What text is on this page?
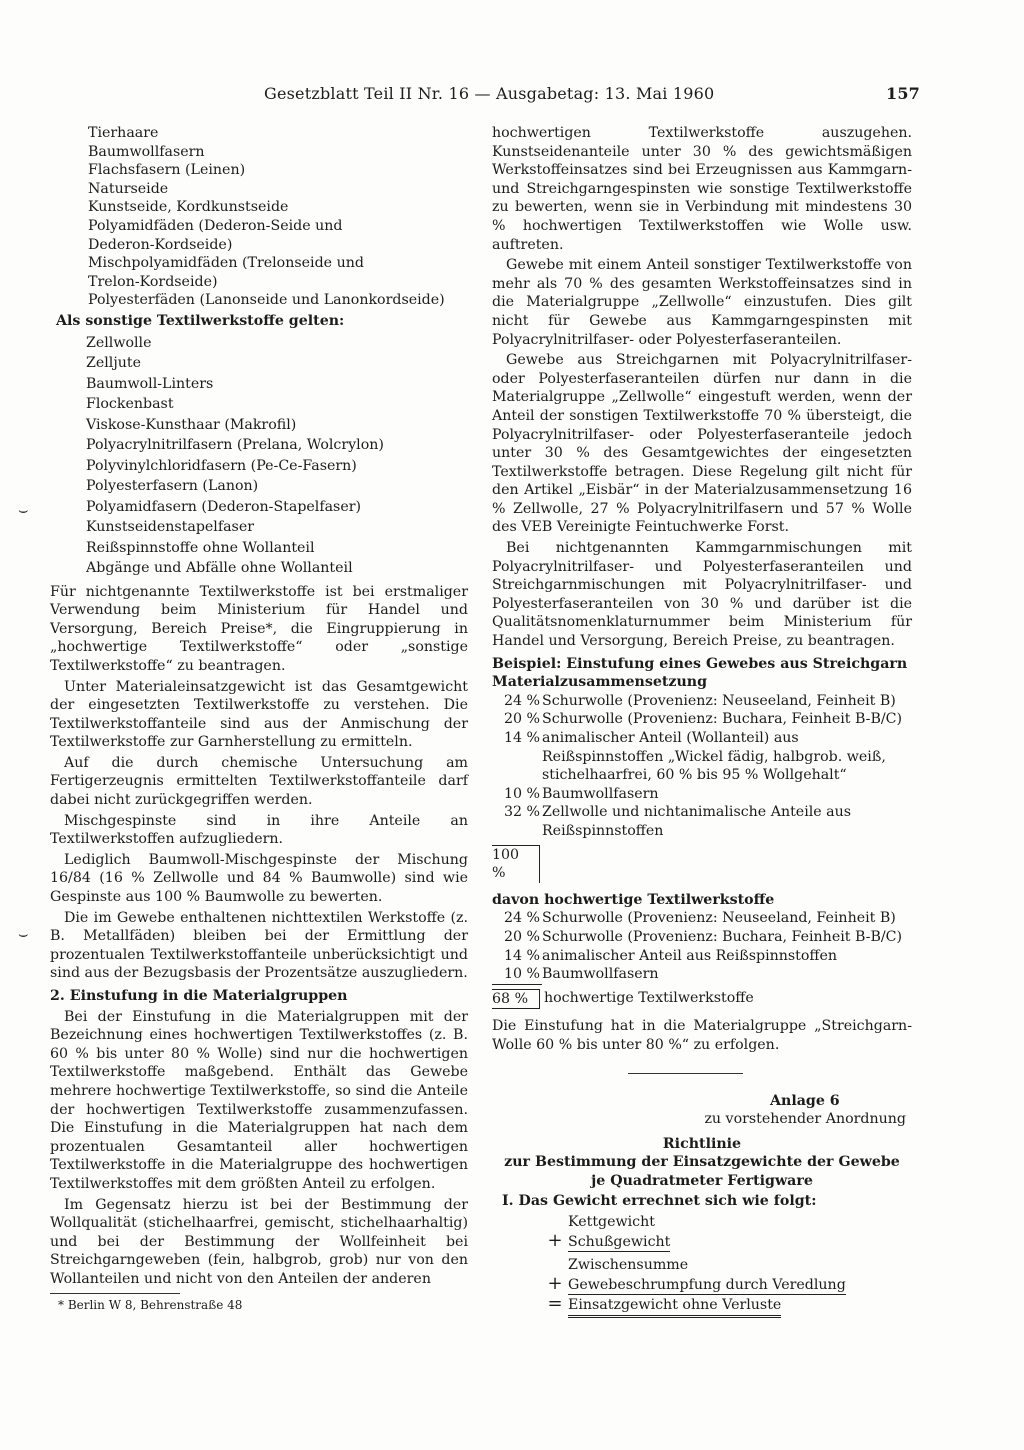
Gesetzblatt Teil II Nr. 16 — Ausgabetag: 13. Mai 1960	157
⌣
⌣
Tierhaare
Baumwollfasern
Flachsfasern (Leinen)
Naturseide
Kunstseide, Kordkunstseide
Polyamidfäden (Dederon-Seide und Dederon-Kordseide)
Mischpolyamidfäden (Trelonseide und Trelon-Kordseide)
Polyesterfäden (Lanonseide und Lanonkordseide)
Als sonstige Textilwerkstoffe gelten:
Zellwolle
Zelljute
Baumwoll-Linters
Flockenbast
Viskose-Kunsthaar (Makrofil)
Polyacrylnitrilfasern (Prelana, Wolcrylon)
Polyvinylchloridfasern (Pe-Ce-Fasern)
Polyesterfasern (Lanon)
Polyamidfasern (Dederon-Stapelfaser)
Kunstseidenstapelfaser
Reißspinnstoffe ohne Wollanteil
Abgänge und Abfälle ohne Wollanteil

Für nichtgenannte Textilwerkstoffe ist bei erstmaliger Verwendung beim Ministerium für Handel und Versorgung, Bereich Preise*, die Eingruppierung in „hochwertige Textilwerkstoffe“ oder „sonstige Textilwerkstoffe“ zu beantragen.

Unter Materialeinsatzgewicht ist das Gesamtgewicht der eingesetzten Textilwerkstoffe zu verstehen. Die Textilwerkstoffanteile sind aus der Anmischung der Textilwerkstoffe zur Garnherstellung zu ermitteln.

Auf die durch chemische Untersuchung am Fertigerzeugnis ermittelten Textilwerkstoffanteile darf dabei nicht zurückgegriffen werden.

Mischgespinste sind in ihre Anteile an Textilwerkstoffen aufzugliedern.

Lediglich Baumwoll-Mischgespinste der Mischung 16/84 (16 % Zellwolle und 84 % Baumwolle) sind wie Gespinste aus 100 % Baumwolle zu bewerten.

Die im Gewebe enthaltenen nichttextilen Werkstoffe (z. B. Metallfäden) bleiben bei der Ermittlung der prozentualen Textilwerkstoffanteile unberücksichtigt und sind aus der Bezugsbasis der Prozentsätze auszugliedern.

2. Einstufung in die Materialgruppen

Bei der Einstufung in die Materialgruppen mit der Bezeichnung eines hochwertigen Textilwerkstoffes (z. B. 60 % bis unter 80 % Wolle) sind nur die hochwertigen Textilwerkstoffe maßgebend. Enthält das Gewebe mehrere hochwertige Textilwerkstoffe, so sind die Anteile der hochwertigen Textilwerkstoffe zusammenzufassen. Die Einstufung in die Materialgruppen hat nach dem prozentualen Gesamtanteil aller hochwertigen Textilwerkstoffe in die Materialgruppe des hochwertigen Textilwerkstoffes mit dem größten Anteil zu erfolgen.

Im Gegensatz hierzu ist bei der Bestimmung der Wollqualität (stichelhaarfrei, gemischt, stichelhaarhaltig) und bei der Bestimmung der Wollfeinheit bei Streichgarngeweben (fein, halbgrob, grob) nur von den Wollanteilen und nicht von den Anteilen der anderen

* Berlin W 8, Behrenstraße 48

hochwertigen Textilwerkstoffe auszugehen. Kunstseidenanteile unter 30 % des gewichtsmäßigen Werkstoffeinsatzes sind bei Erzeugnissen aus Kammgarn- und Streichgarngespinsten wie sonstige Textilwerkstoffe zu bewerten, wenn sie in Verbindung mit mindestens 30 % hochwertigen Textilwerkstoffen wie Wolle usw. auftreten.

Gewebe mit einem Anteil sonstiger Textilwerkstoffe von mehr als 70 % des gesamten Werkstoffeinsatzes sind in die Materialgruppe „Zellwolle“ einzustufen. Dies gilt nicht für Gewebe aus Kammgarngespinsten mit Polyacrylnitrilfaser- oder Polyesterfaseranteilen.

Gewebe aus Streichgarnen mit Polyacrylnitrilfaser- oder Polyesterfaseranteilen dürfen nur dann in die Materialgruppe „Zellwolle“ eingestuft werden, wenn der Anteil der sonstigen Textilwerkstoffe 70 % übersteigt, die Polyacrylnitrilfaser- oder Polyesterfaseranteile jedoch unter 30 % des Gesamtgewichtes der eingesetzten Textilwerkstoffe betragen. Diese Regelung gilt nicht für den Artikel „Eisbär“ in der Materialzusammensetzung 16 % Zellwolle, 27 % Polyacrylnitrilfasern und 57 % Wolle des VEB Vereinigte Feintuchwerke Forst.

Bei nichtgenannten Kammgarnmischungen mit Polyacrylnitrilfaser- und Polyesterfaseranteilen und Streichgarnmischungen mit Polyacrylnitrilfaser- und Polyesterfaseranteilen von 30 % und darüber ist die Qualitätsnomenklaturnummer beim Ministerium für Handel und Versorgung, Bereich Preise, zu beantragen.

Beispiel: Einstufung eines Gewebes aus Streichgarn
Materialzusammensetzung
24 % Schurwolle (Provenienz: Neuseeland, Feinheit B)
20 % Schurwolle (Provenienz: Buchara, Feinheit B-B/C)
14 % animalischer Anteil (Wollanteil) aus Reißspinnstoffen „Wickel fädig, halbgrob. weiß, stichelhaarfrei, 60 % bis 95 % Wollgehalt“
10 % Baumwollfasern
32 % Zellwolle und nichtanimalische Anteile aus Reißspinnstoffen
100 %
davon hochwertige Textilwerkstoffe
24 % Schurwolle (Provenienz: Neuseeland, Feinheit B)
20 % Schurwolle (Provenienz: Buchara, Feinheit B-B/C)
14 % animalischer Anteil aus Reißspinnstoffen
10 % Baumwollfasern
68 %	hochwertige Textilwerkstoffe

Die Einstufung hat in die Materialgruppe „Streichgarn-Wolle 60 % bis unter 80 %“ zu erfolgen.

Anlage 6
zu vorstehender Anordnung
Richtlinie
zur Bestimmung der Einsatzgewichte der Gewebe
je Quadratmeter Fertigware
I. Das Gewicht errechnet sich wie folgt:
Kettgewicht
+ Schußgewicht
Zwischensumme
+ Gewebeschrumpfung durch Veredlung
= Einsatzgewicht ohne Verluste
